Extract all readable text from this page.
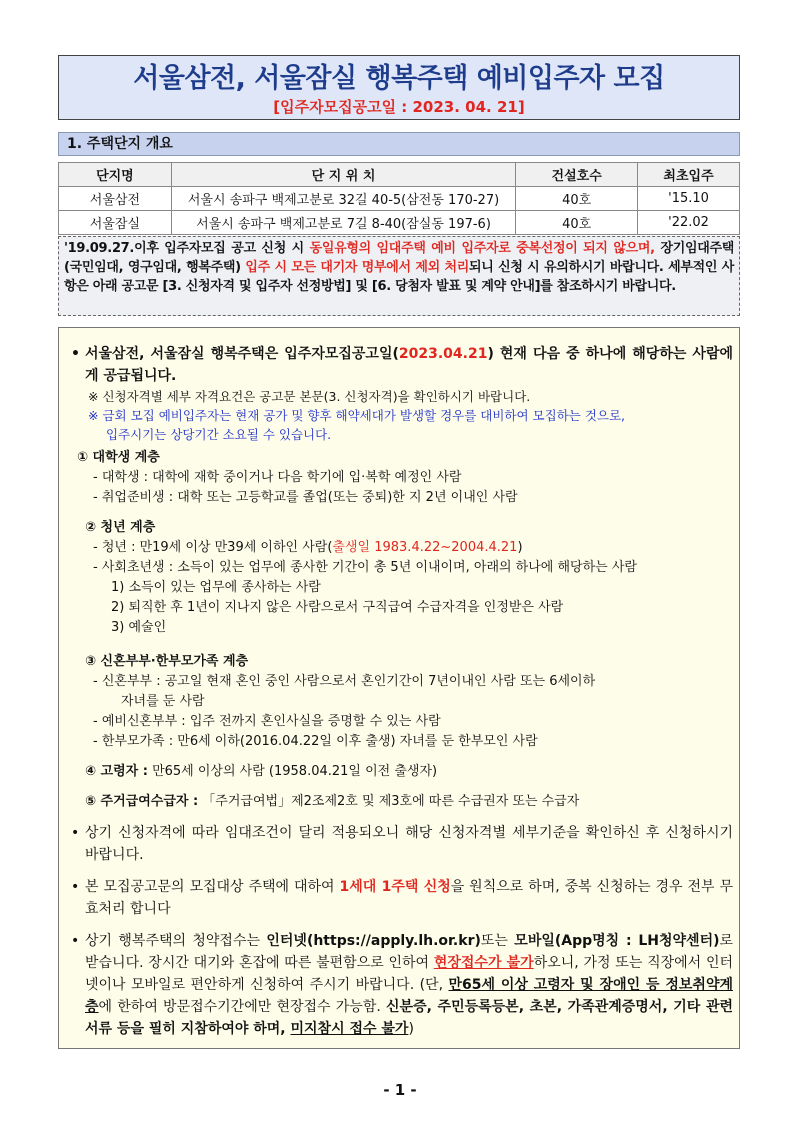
서울삼전, 서울잠실 행복주택 예비입주자 모집
[입주자모집공고일 : 2023. 04. 21]
1. 주택단지 개요
단지명	단 지 위 치	건설호수	최초입주
서울삼전	서울시 송파구 백제고분로 32길 40-5(삼전동 170-27)	40호	'15.10
서울잠실	서울시 송파구 백제고분로 7길 8-40(잠실동 197-6)	40호	'22.02
'19.09.27.이후 입주자모집 공고 신청 시 동일유형의 임대주택 예비 입주자로 중복선정이 되지 않으며, 장기임대주택(국민임대, 영구임대, 행복주택) 입주 시 모든 대기자 명부에서 제외 처리되니 신청 시 유의하시기 바랍니다. 세부적인 사항은 아래 공고문 [3. 신청자격 및 입주자 선정방법] 및 [6. 당첨자 발표 및 계약 안내]를 참조하시기 바랍니다.
• 서울삼전, 서울잠실 행복주택은 입주자모집공고일(2023.04.21) 현재 다음 중 하나에 해당하는 사람에게 공급됩니다.
※ 신청자격별 세부 자격요건은 공고문 본문(3. 신청자격)을 확인하시기 바랍니다.
※ 금회 모집 예비입주자는 현재 공가 및 향후 해약세대가 발생할 경우를 대비하여 모집하는 것으로,
입주시기는 상당기간 소요될 수 있습니다.
① 대학생 계층
- 대학생 : 대학에 재학 중이거나 다음 학기에 입·복학 예정인 사람
- 취업준비생 : 대학 또는 고등학교를 졸업(또는 중퇴)한 지 2년 이내인 사람
② 청년 계층
- 청년 : 만19세 이상 만39세 이하인 사람(출생일 1983.4.22~2004.4.21)
- 사회초년생 : 소득이 있는 업무에 종사한 기간이 총 5년 이내이며, 아래의 하나에 해당하는 사람
1) 소득이 있는 업무에 종사하는 사람
2) 퇴직한 후 1년이 지나지 않은 사람으로서 구직급여 수급자격을 인정받은 사람
3) 예술인
③ 신혼부부·한부모가족 계층
- 신혼부부 : 공고일 현재 혼인 중인 사람으로서 혼인기간이 7년이내인 사람 또는 6세이하
자녀를 둔 사람
- 예비신혼부부 : 입주 전까지 혼인사실을 증명할 수 있는 사람
- 한부모가족 : 만6세 이하(2016.04.22일 이후 출생) 자녀를 둔 한부모인 사람
④ 고령자 : 만65세 이상의 사람 (1958.04.21일 이전 출생자)
⑤ 주거급여수급자 : 「주거급여법」제2조제2호 및 제3호에 따른 수급권자 또는 수급자
• 상기 신청자격에 따라 임대조건이 달리 적용되오니 해당 신청자격별 세부기준을 확인하신 후 신청하시기 바랍니다.
• 본 모집공고문의 모집대상 주택에 대하여 1세대 1주택 신청을 원칙으로 하며, 중복 신청하는 경우 전부 무효처리 합니다
• 상기 행복주택의 청약접수는 인터넷(https://apply.lh.or.kr)또는 모바일(App명칭 : LH청약센터)로 받습니다. 장시간 대기와 혼잡에 따른 불편함으로 인하여 현장접수가 불가하오니, 가정 또는 직장에서 인터넷이나 모바일로 편안하게 신청하여 주시기 바랍니다. (단, 만65세 이상 고령자 및 장애인 등 정보취약계층에 한하여 방문접수기간에만 현장접수 가능함. 신분증, 주민등록등본, 초본, 가족관계증명서, 기타 관련서류 등을 필히 지참하여야 하며, 미지참시 접수 불가)
- 1 -
